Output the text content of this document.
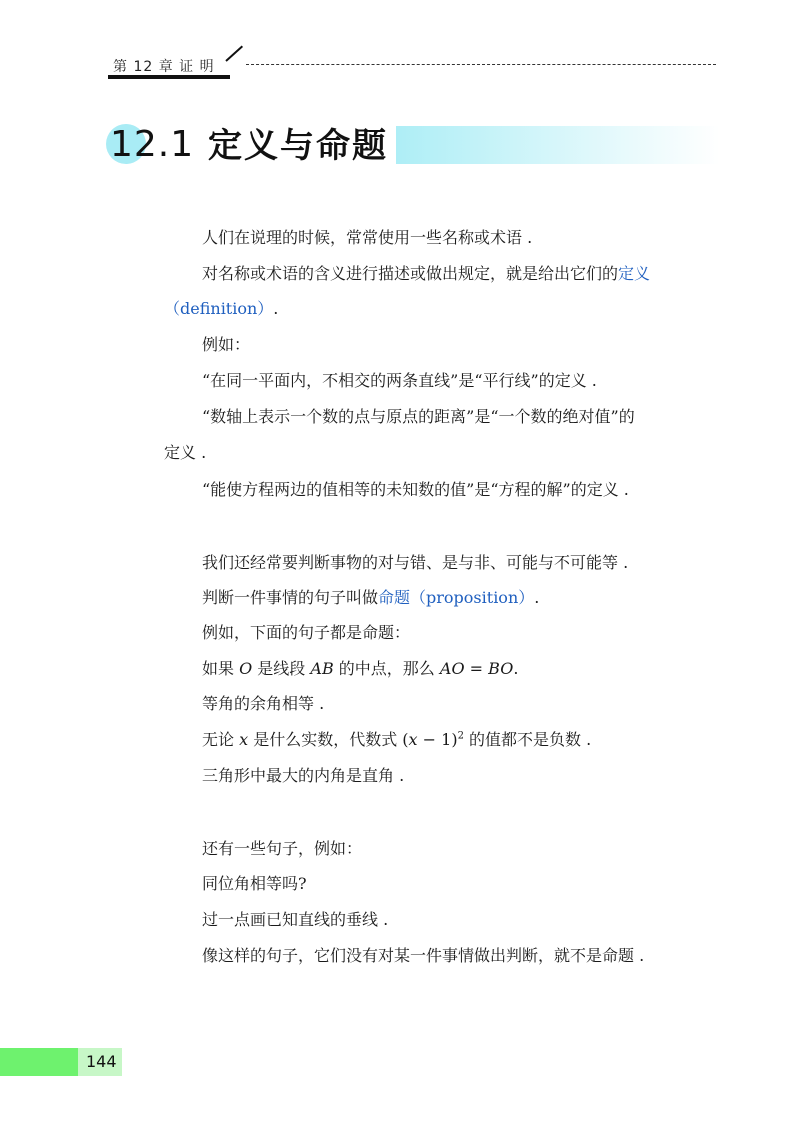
第 12 章 证 明
12.1 定义与命题
人们在说理的时候，常常使用一些名称或术语 .
对名称或术语的含义进行描述或做出规定，就是给出它们的定义
（definition）.
例如：
“在同一平面内，不相交的两条直线”是“平行线”的定义 .
“数轴上表示一个数的点与原点的距离”是“一个数的绝对值”的
定义 .
“能使方程两边的值相等的未知数的值”是“方程的解”的定义 .
我们还经常要判断事物的对与错、是与非、可能与不可能等 .
判断一件事情的句子叫做命题（proposition）.
例如，下面的句子都是命题：
如果 O 是线段 AB 的中点，那么 AO = BO.
等角的余角相等 .
无论 x 是什么实数，代数式 $(x - 1)^2$ 的值都不是负数 .
三角形中最大的内角是直角 .
还有一些句子，例如：
同位角相等吗?
过一点画已知直线的垂线 .
像这样的句子，它们没有对某一件事情做出判断，就不是命题 .
144
